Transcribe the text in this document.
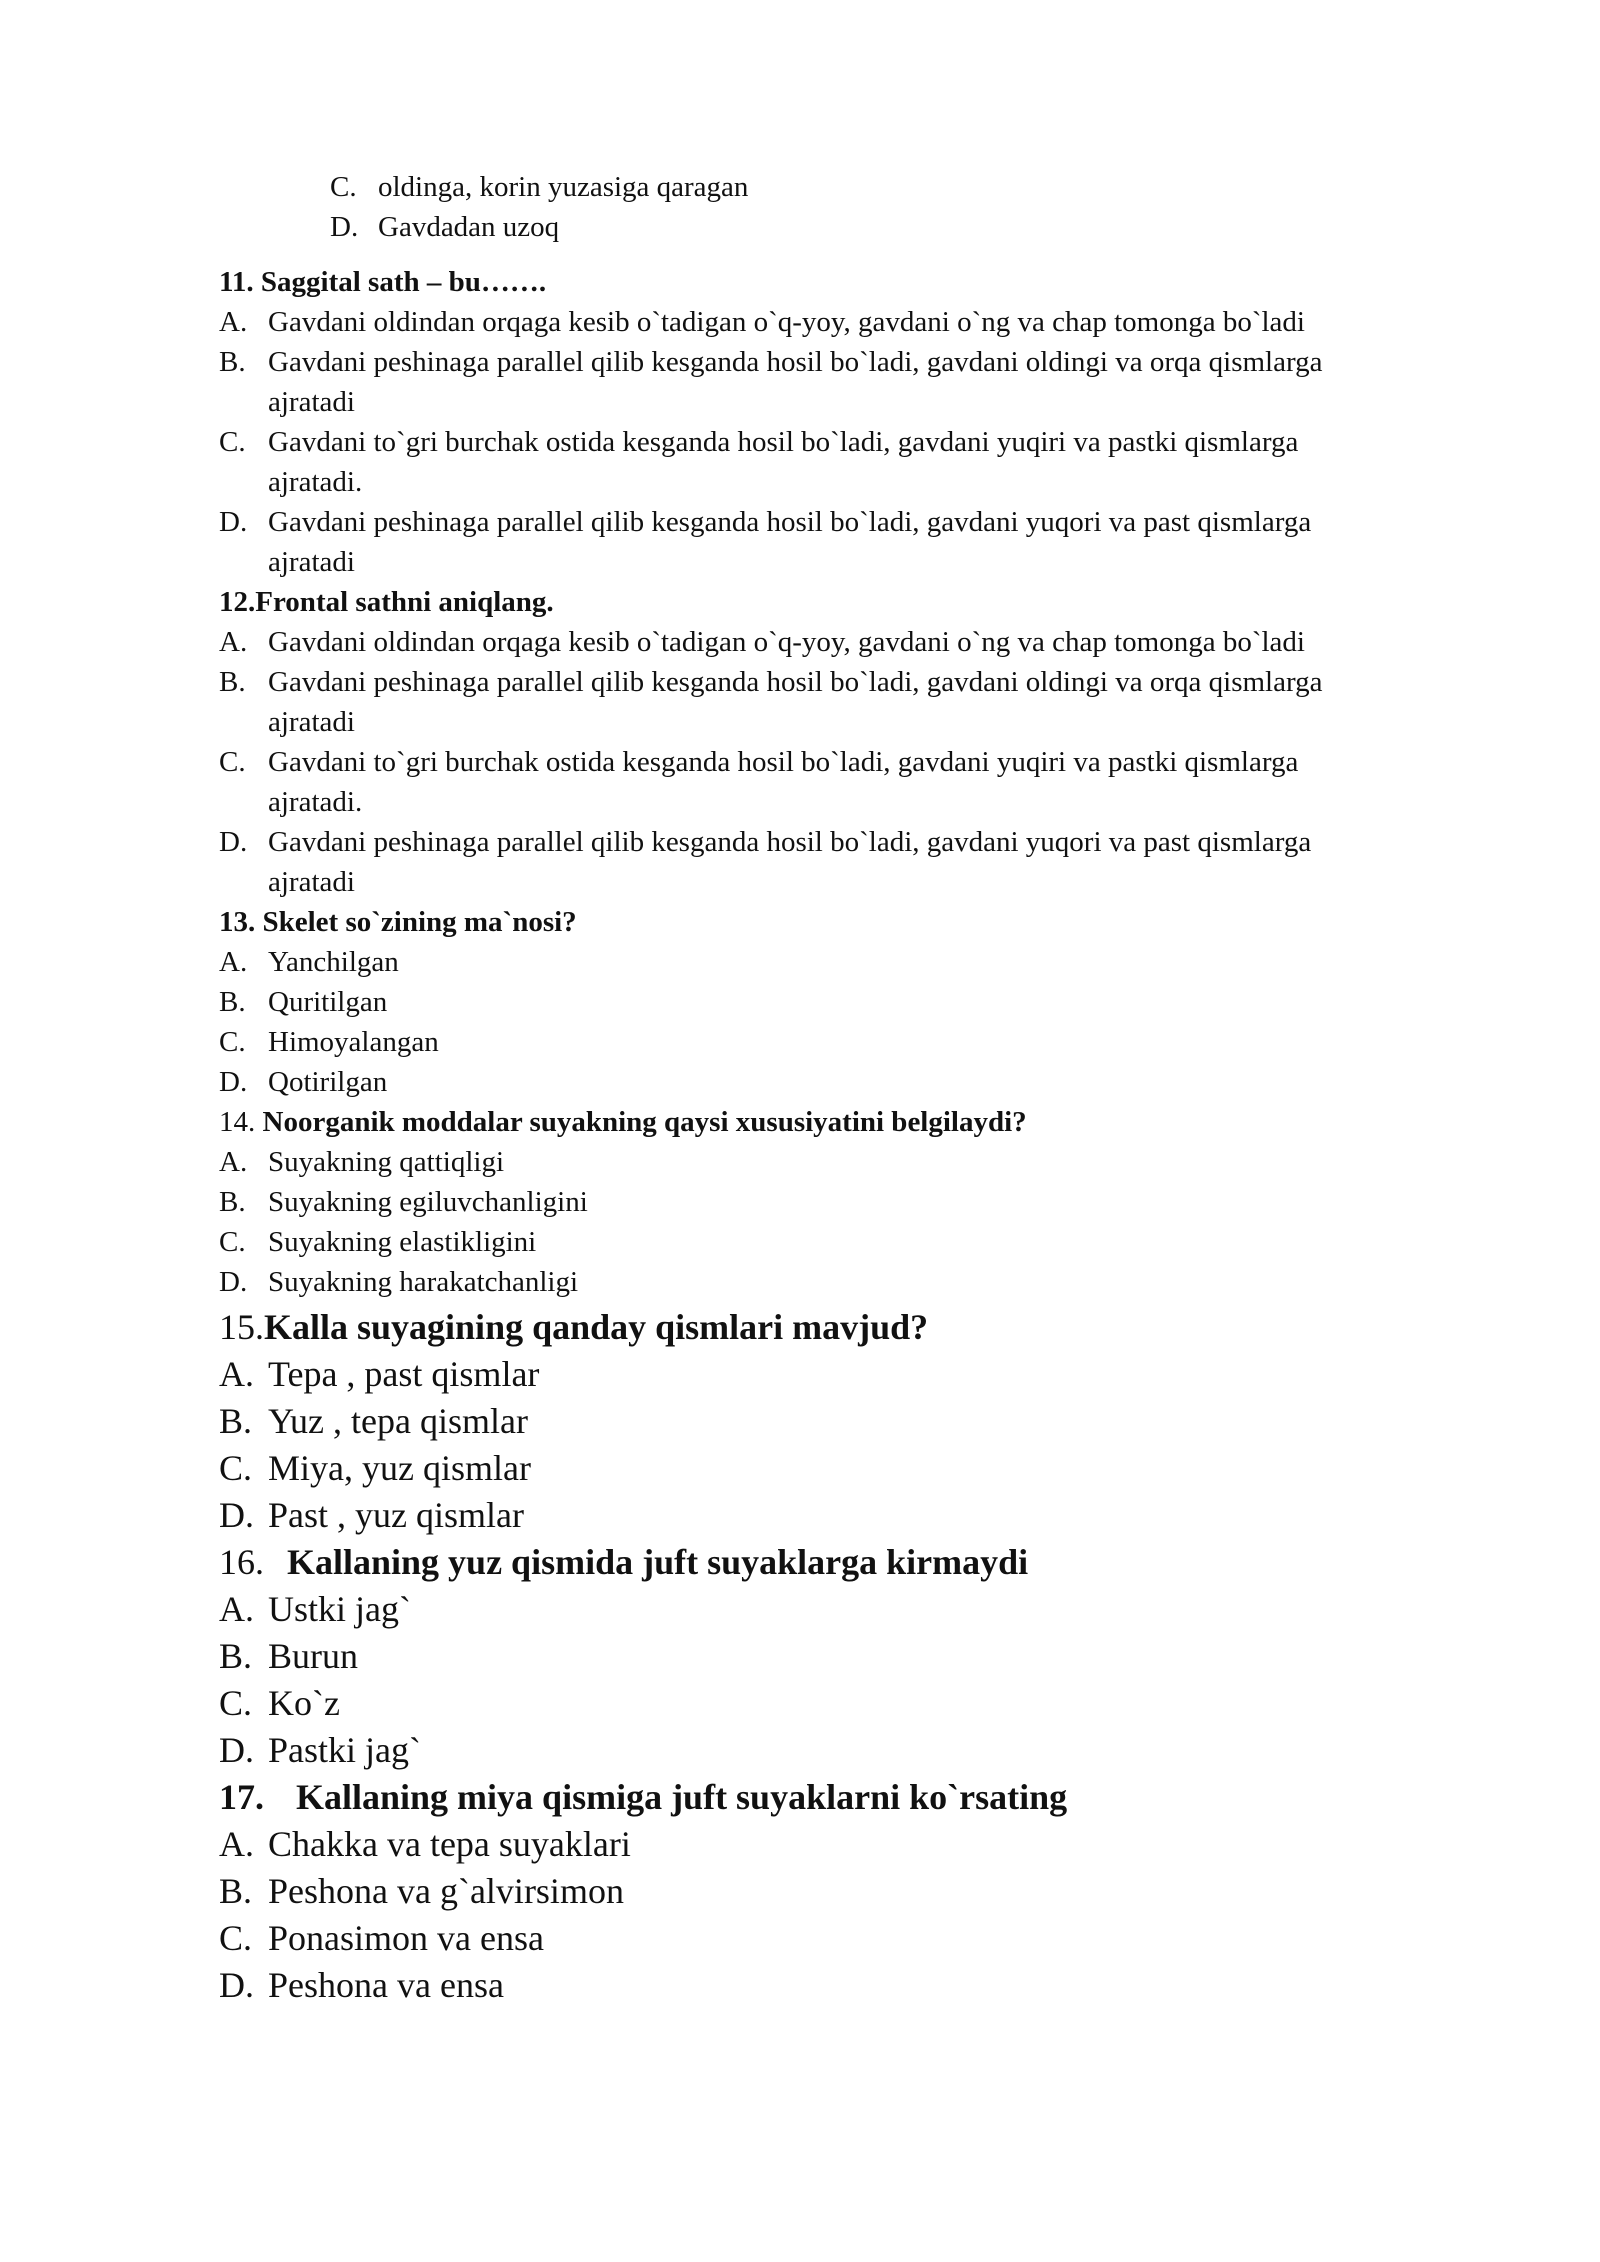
C. oldinga, korin yuzasiga qaragan
D. Gavdadan uzoq
11. Saggital sath – bu…….
A. Gavdani oldindan orqaga kesib o`tadigan o`q-yoy, gavdani o`ng va chap tomonga bo`ladi
B. Gavdani peshinaga parallel qilib kesganda hosil bo`ladi, gavdani oldingi va orqa qismlarga
ajratadi
C. Gavdani to`gri burchak ostida kesganda hosil bo`ladi, gavdani yuqiri va pastki qismlarga
ajratadi.
D. Gavdani peshinaga parallel qilib kesganda hosil bo`ladi, gavdani yuqori va past qismlarga
ajratadi
12.Frontal sathni aniqlang.
A. Gavdani oldindan orqaga kesib o`tadigan o`q-yoy, gavdani o`ng va chap tomonga bo`ladi
B. Gavdani peshinaga parallel qilib kesganda hosil bo`ladi, gavdani oldingi va orqa qismlarga
ajratadi
C. Gavdani to`gri burchak ostida kesganda hosil bo`ladi, gavdani yuqiri va pastki qismlarga
ajratadi.
D. Gavdani peshinaga parallel qilib kesganda hosil bo`ladi, gavdani yuqori va past qismlarga
ajratadi
13. Skelet so`zining ma`nosi?
A. Yanchilgan
B. Quritilgan
C. Himoyalangan
D. Qotirilgan
14. Noorganik moddalar suyakning qaysi xususiyatini belgilaydi?
A. Suyakning qattiqligi
B. Suyakning egiluvchanligini
C. Suyakning elastikligini
D. Suyakning harakatchanligi
15.Kalla suyagining qanday qismlari mavjud?
A. Tepa , past qismlar
B. Yuz , tepa qismlar
C. Miya, yuz qismlar
D. Past , yuz qismlar
16. Kallaning yuz qismida juft suyaklarga kirmaydi
A. Ustki jag`
B. Burun
C. Ko`z
D. Pastki jag`
17. Kallaning miya qismiga juft suyaklarni ko`rsating
A. Chakka va tepa suyaklari
B. Peshona va g`alvirsimon
C. Ponasimon va ensa
D. Peshona va ensa
